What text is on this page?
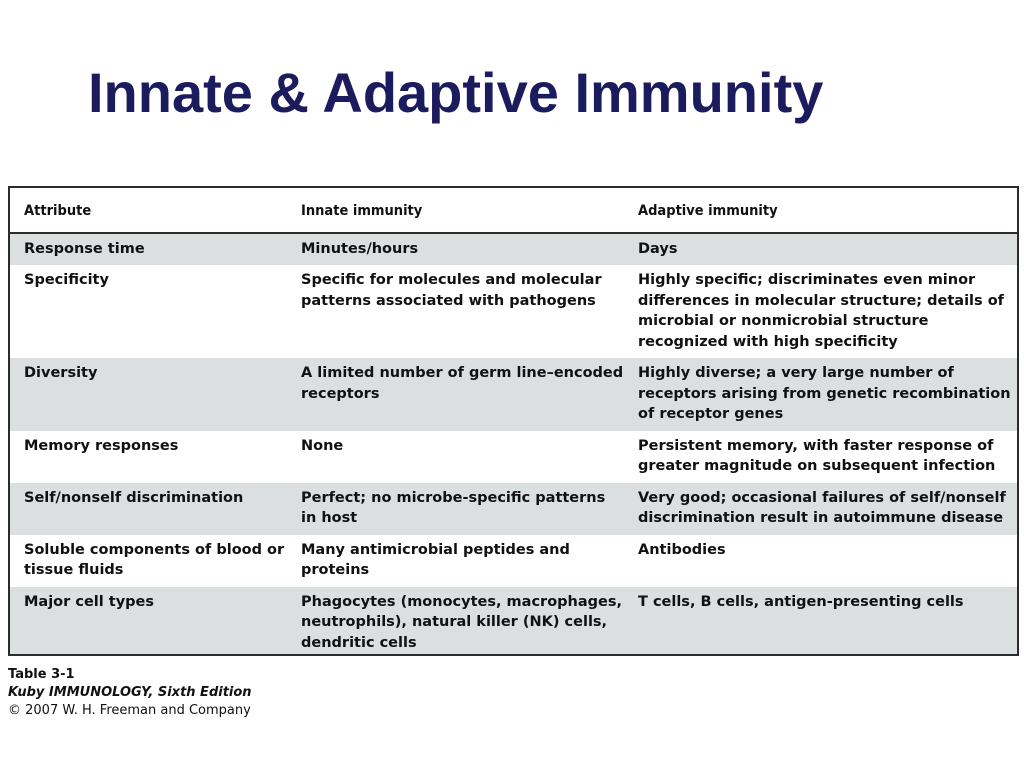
Innate & Adaptive Immunity
Attribute	Innate immunity	Adaptive immunity
Response time	Minutes/hours	Days
Specificity	Specific for molecules and molecular patterns associated with pathogens	Highly specific; discriminates even minor differences in molecular structure; details of microbial or nonmicrobial structure recognized with high specificity
Diversity	A limited number of germ line–encoded receptors	Highly diverse; a very large number of receptors arising from genetic recombination of receptor genes
Memory responses	None	Persistent memory, with faster response of greater magnitude on subsequent infection
Self/nonself discrimination	Perfect; no microbe-specific patterns in host	Very good; occasional failures of self/nonself discrimination result in autoimmune disease
Soluble components of blood or tissue fluids	Many antimicrobial peptides and proteins	Antibodies
Major cell types	Phagocytes (monocytes, macrophages, neutrophils), natural killer (NK) cells, dendritic cells	T cells, B cells, antigen-presenting cells
Table 3-1
Kuby IMMUNOLOGY, Sixth Edition
© 2007 W. H. Freeman and Company
